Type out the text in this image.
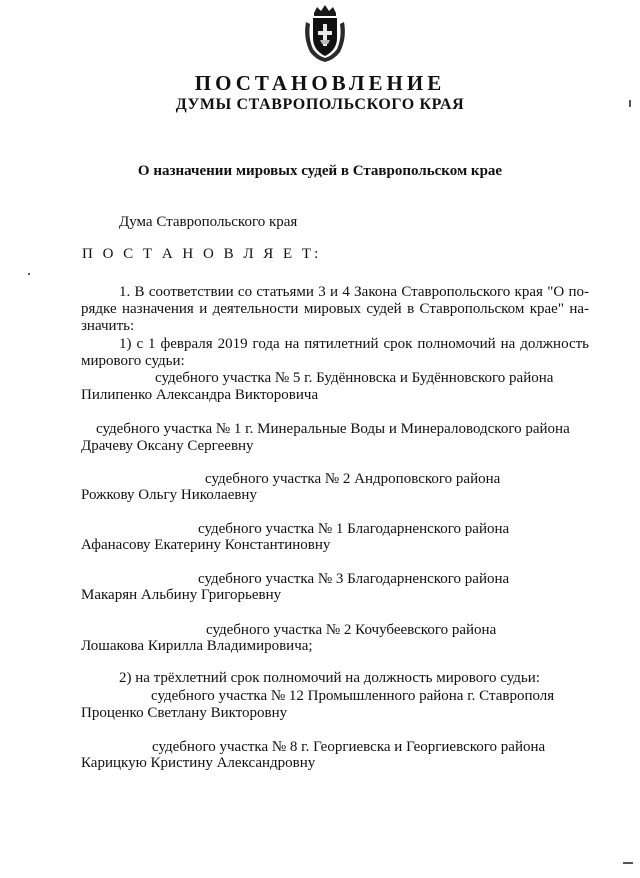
ПОСТАНОВЛЕНИЕ
ДУМЫ СТАВРОПОЛЬСКОГО КРАЯ
О назначении мировых судей в Ставропольском крае
Дума Ставропольского края
П О С Т А Н О В Л Я Е Т:
1. В соответствии со статьями 3 и 4 Закона Ставропольского края "О по-
рядке назначения и деятельности мировых судей в Ставропольском крае" на-
значить:
1) с 1 февраля 2019 года на пятилетний срок полномочий на должность
мирового судьи:
судебного участка № 5 г. Будённовска и Будённовского района
Пилипенко Александра Викторовича
судебного участка № 1 г. Минеральные Воды и Минераловодского района
Драчеву Оксану Сергеевну
судебного участка № 2 Андроповского района
Рожкову Ольгу Николаевну
судебного участка № 1 Благодарненского района
Афанасову Екатерину Константиновну
судебного участка № 3 Благодарненского района
Макарян Альбину Григорьевну
судебного участка № 2 Кочубеевского района
Лошакова Кирилла Владимировича;
2) на трёхлетний срок полномочий на должность мирового судьи:
судебного участка № 12 Промышленного района г. Ставрополя
Проценко Светлану Викторовну
судебного участка № 8 г. Георгиевска и Георгиевского района
Карицкую Кристину Александровну
